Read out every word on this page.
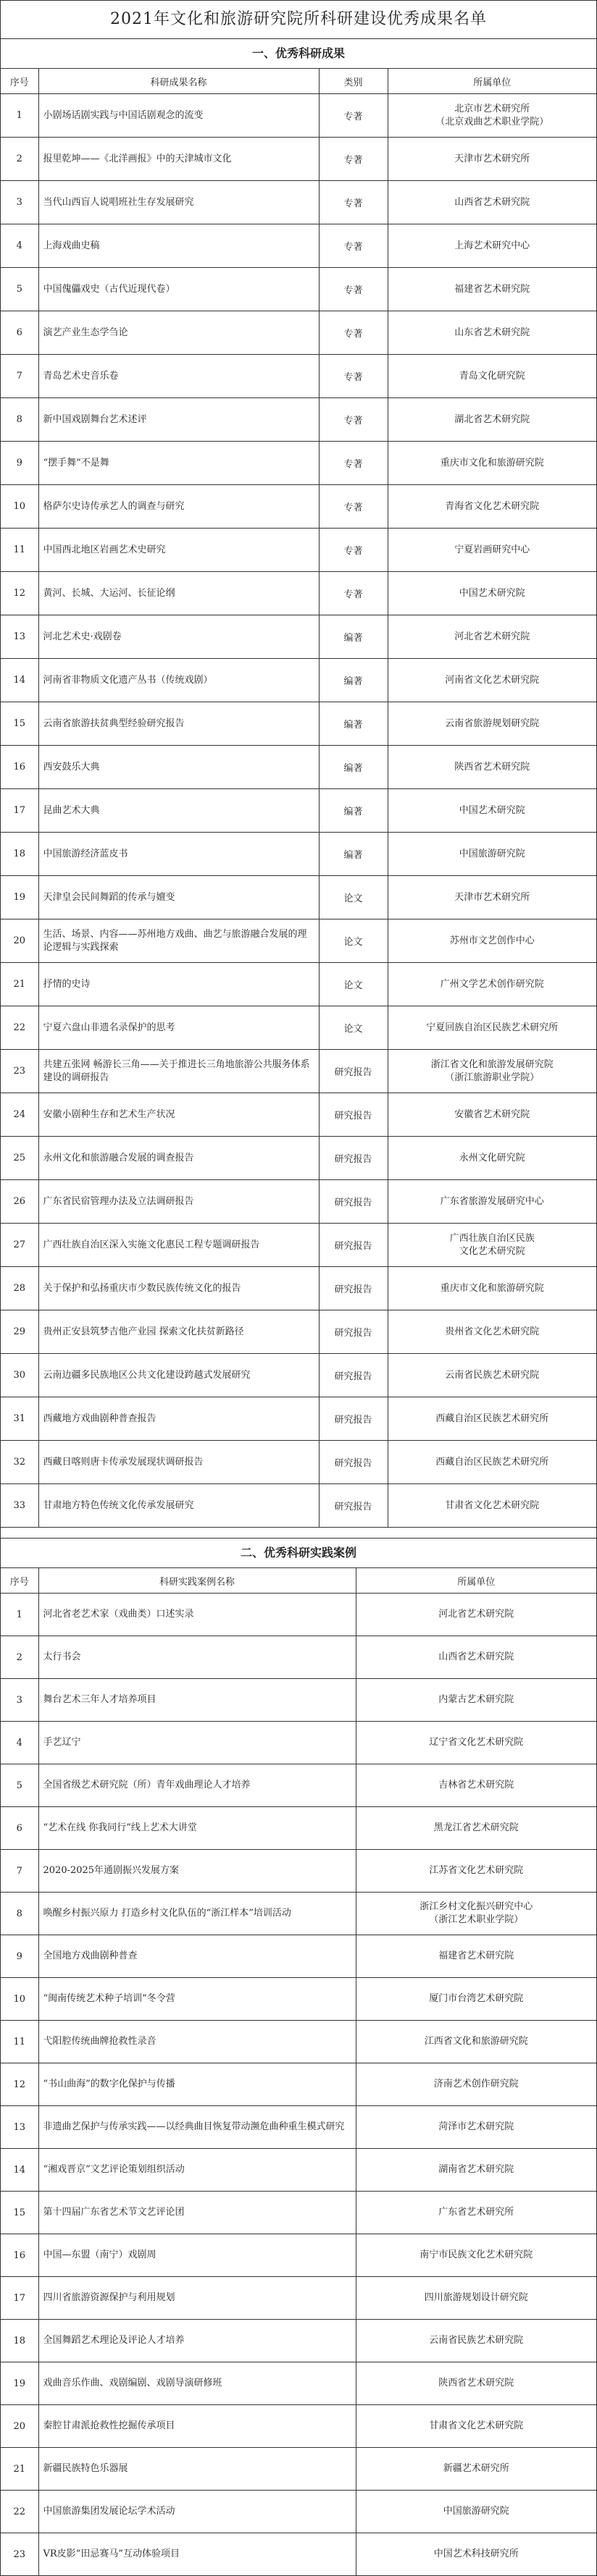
2021年文化和旅游研究院所科研建设优秀成果名单
一、优秀科研成果
序号	科研成果名称	类别	所属单位
1	小剧场话剧实践与中国话剧观念的流变	专著	北京市艺术研究所
（北京戏曲艺术职业学院）
2	报里乾坤——《北洋画报》中的天津城市文化	专著	天津市艺术研究所
3	当代山西盲人说唱班社生存发展研究	专著	山西省艺术研究院
4	上海戏曲史稿	专著	上海艺术研究中心
5	中国傀儡戏史（古代近现代卷）	专著	福建省艺术研究院
6	演艺产业生态学刍论	专著	山东省艺术研究院
7	青岛艺术史音乐卷	专著	青岛文化研究院
8	新中国戏剧舞台艺术述评	专著	湖北省艺术研究院
9	“摆手舞”不是舞	专著	重庆市文化和旅游研究院
10	格萨尔史诗传承艺人的调查与研究	专著	青海省文化艺术研究院
11	中国西北地区岩画艺术史研究	专著	宁夏岩画研究中心
12	黄河、长城、大运河、长征论纲	专著	中国艺术研究院
13	河北艺术史·戏剧卷	编著	河北省艺术研究院
14	河南省非物质文化遗产丛书（传统戏剧）	编著	河南省文化艺术研究院
15	云南省旅游扶贫典型经验研究报告	编著	云南省旅游规划研究院
16	西安鼓乐大典	编著	陕西省艺术研究院
17	昆曲艺术大典	编著	中国艺术研究院
18	中国旅游经济蓝皮书	编著	中国旅游研究院
19	天津皇会民间舞蹈的传承与嬗变	论文	天津市艺术研究所
20	生活、场景、内容——苏州地方戏曲、曲艺与旅游融合发展的理论逻辑与实践探索	论文	苏州市文艺创作中心
21	抒情的史诗	论文	广州文学艺术创作研究院
22	宁夏六盘山非遗名录保护的思考	论文	宁夏回族自治区民族艺术研究所
23	共建五张网 畅游长三角——关于推进长三角地旅游公共服务体系建设的调研报告	研究报告	浙江省文化和旅游发展研究院
（浙江旅游职业学院）
24	安徽小剧种生存和艺术生产状况	研究报告	安徽省艺术研究院
25	永州文化和旅游融合发展的调查报告	研究报告	永州文化研究院
26	广东省民宿管理办法及立法调研报告	研究报告	广东省旅游发展研究中心
27	广西壮族自治区深入实施文化惠民工程专题调研报告	研究报告	广西壮族自治区民族
文化艺术研究院
28	关于保护和弘扬重庆市少数民族传统文化的报告	研究报告	重庆市文化和旅游研究院
29	贵州正安县筑梦吉他产业园 探索文化扶贫新路径	研究报告	贵州省文化艺术研究院
30	云南边疆多民族地区公共文化建设跨越式发展研究	研究报告	云南省民族艺术研究院
31	西藏地方戏曲剧种普查报告	研究报告	西藏自治区民族艺术研究所
32	西藏日喀则唐卡传承发展现状调研报告	研究报告	西藏自治区民族艺术研究所
33	甘肃地方特色传统文化传承发展研究	研究报告	甘肃省文化艺术研究院
二、优秀科研实践案例
序号	科研实践案例名称	所属单位
1	河北省老艺术家（戏曲类）口述实录	河北省艺术研究院
2	太行书会	山西省艺术研究院
3	舞台艺术三年人才培养项目	内蒙古艺术研究院
4	手艺辽宁	辽宁省文化艺术研究院
5	全国省级艺术研究院（所）青年戏曲理论人才培养	吉林省艺术研究院
6	“艺术在线 你我同行”线上艺术大讲堂	黑龙江省艺术研究院
7	2020-2025年通剧振兴发展方案	江苏省文化艺术研究院
8	唤醒乡村振兴原力 打造乡村文化队伍的“浙江样本”培训活动	浙江乡村文化振兴研究中心
（浙江艺术职业学院）
9	全国地方戏曲剧种普查	福建省艺术研究院
10	“闽南传统艺术种子培训”冬令营	厦门市台湾艺术研究院
11	弋阳腔传统曲牌抢救性录音	江西省文化和旅游研究院
12	“书山曲海”的数字化保护与传播	济南艺术创作研究院
13	非遗曲艺保护与传承实践——以经典曲目恢复带动濒危曲种重生模式研究	菏泽市艺术研究院
14	“湘戏晋京”文艺评论策划组织活动	湖南省艺术研究院
15	第十四届广东省艺术节文艺评论团	广东省艺术研究所
16	中国—东盟（南宁）戏剧周	南宁市民族文化艺术研究院
17	四川省旅游资源保护与利用规划	四川旅游规划设计研究院
18	全国舞蹈艺术理论及评论人才培养	云南省民族艺术研究院
19	戏曲音乐作曲、戏剧编剧、戏剧导演研修班	陕西省艺术研究院
20	秦腔甘肃派抢救性挖掘传承项目	甘肃省文化艺术研究院
21	新疆民族特色乐器展	新疆艺术研究所
22	中国旅游集团发展论坛学术活动	中国旅游研究院
23	VR皮影“田忌赛马”互动体验项目	中国艺术科技研究所
